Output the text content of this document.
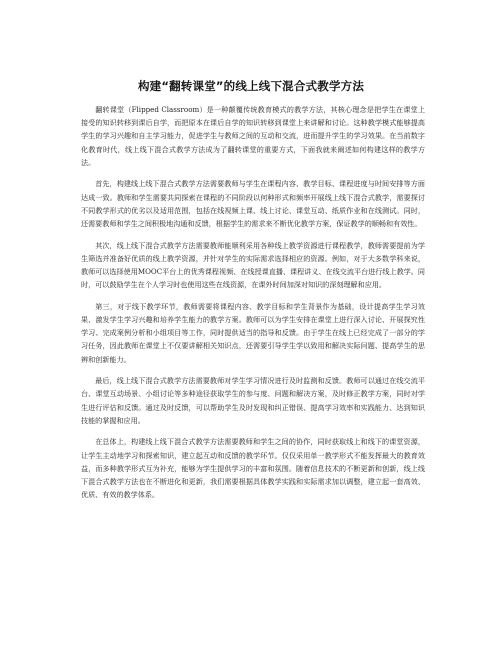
构建“翻转课堂”的线上线下混合式教学方法

翻转课堂（Flipped Classroom）是一种颠覆传统教育模式的教学方法，其核心理念是把学生在课堂上接受的知识转移到课后自学，而把原本在课后自学的知识转移到课堂上来讲解和讨论。这种教学模式能够提高学生的学习兴趣和自主学习能力，促进学生与教师之间的互动和交流，进而提升学生的学习效果。在当前数字化教育时代，线上线下混合式教学方法成为了翻转课堂的重要方式，下面我就来阐述如何构建这样的教学方法。

首先，构建线上线下混合式教学方法需要教师与学生在课程内容、教学目标、课程进度与时间安排等方面达成一致。教师和学生需要共同探索在课程的不同阶段以何种形式和频率开展线上线下混合式教学，需要探讨不同教学形式的优劣以及适用范围，包括在线视频上课、线上讨论、课堂互动、纸质作业和在线测试。同时，还需要教师和学生之间积极地沟通和反馈，根据学生的需求来不断优化教学方案，保证教学的顺畅和有效性。

其次，线上线下混合式教学方法需要教师能顺利采用各种线上教学资源进行课程教学，教师需要提前为学生筛选并准备好优质的线上教学资源，并针对学生的实际需求选择相应的资源。例如，对于大多数学科来说，教师可以选择使用MOOC平台上的优秀课程视频、在线授课直播、课程讲义、在线交流平台进行线上教学。同时，可以鼓励学生在个人学习时也使用这些在线资源，在课外时间加深对知识的深刻理解和应用。

第三，对于线下教学环节，教师需要将课程内容、教学目标和学生背景作为基础，设计提高学生学习效果、激发学生学习兴趣和培养学生能力的教学方案。教师可以为学生安排在课堂上进行深入讨论、开展探究性学习、完成案例分析和小组项目等工作，同时提供适当的指导和反馈。由于学生在线上已经完成了一部分的学习任务，因此教师在课堂上不仅要讲解相关知识点，还需要引导学生学以致用和解决实际问题、提高学生的思辨和创新能力。

最后，线上线下混合式教学方法需要教师对学生学习情况进行及时监测和反馈。教师可以通过在线交流平台、课堂互动场景、小组讨论等多种途径获取学生的参与度、问题和解决方案，及时修正教学方案，同时对学生进行评估和反馈。通过及时反馈，可以帮助学生及时发现和纠正错误、提高学习效率和实践能力、达到知识技能的掌握和应用。

在总体上，构建线上线下混合式教学方法需要教师和学生之间的协作，同时获取线上和线下的课堂资源，让学生主动地学习和探索知识，建立起互动和反馈的教学环节。仅仅采用单一教学形式不能发挥最大的教育效益，而多种教学形式互为补充，能够为学生提供学习的丰富和氛围。随着信息技术的不断更新和创新，线上线下混合式教学方法也在不断进化和更新，我们需要根据具体教学实践和实际需求加以调整，建立起一套高效、优质、有效的教学体系。
